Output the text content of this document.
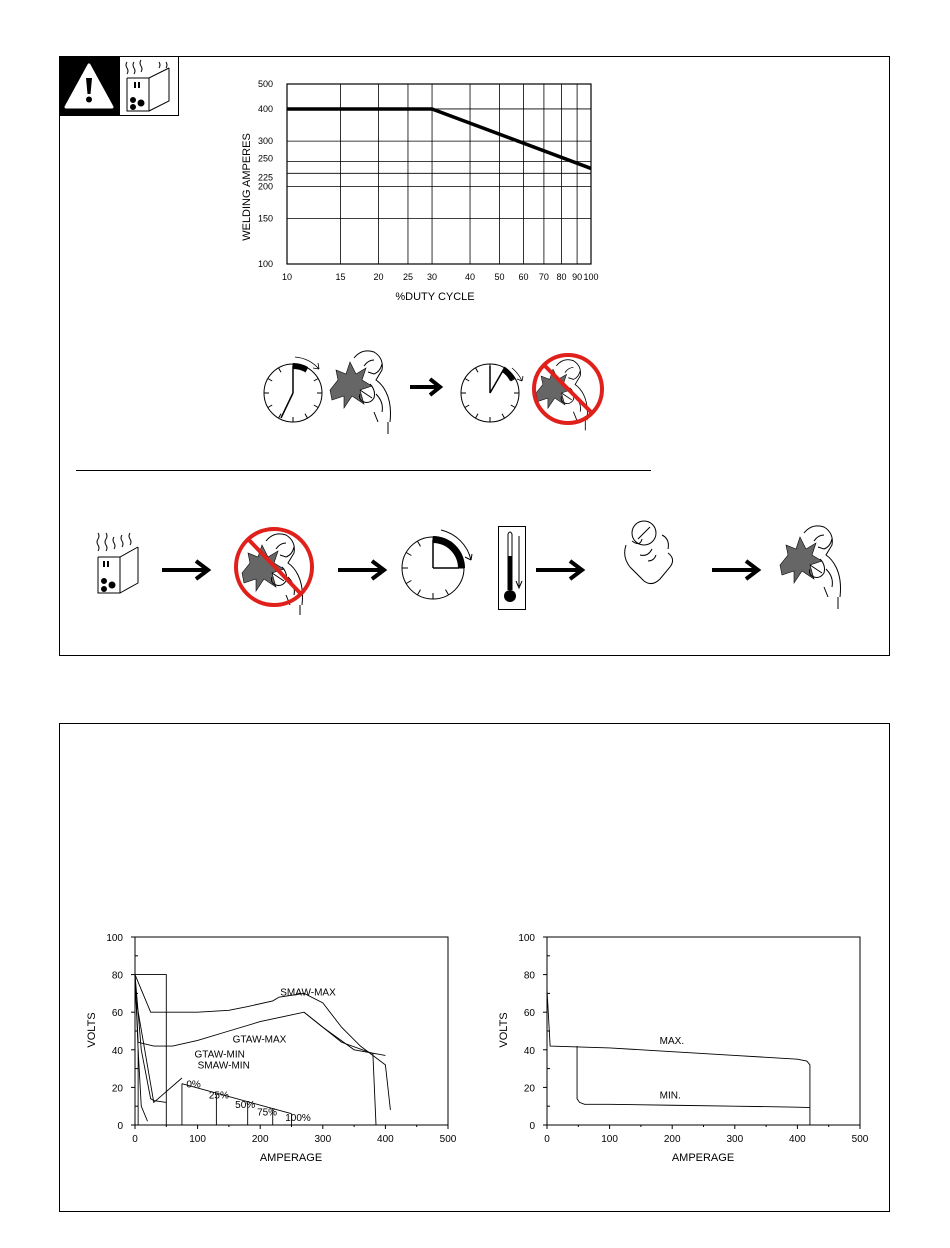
10	15	20 25 30	40 50 60 70 80 90 100
100
150
200
225
250
300
400
500
WELDING AMPERES
%DUTY CYCLE
0	100	200	300	400	500
0
20
40
60
80
100
SMAW-MAX
GTAW-MAX
GTAW-MIN
SMAW-MIN
0%
25%
50%
75%
100%
VOLTS
AMPERAGE
0	100	200	300	400	500
0
20
40
60
80
100
MAX.
MIN.
VOLTS
AMPERAGE
